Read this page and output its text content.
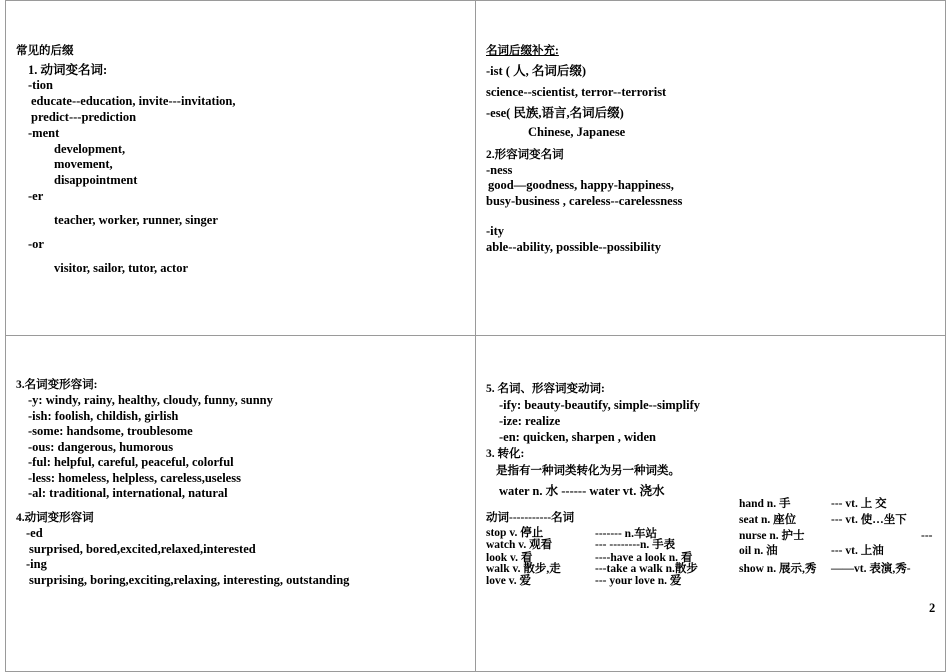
常见的后缀
1. 动词变名词:
-tion
educate--education, invite---invitation,
predict---prediction
-ment
development,
movement,
disappointment
-er
teacher, worker, runner, singer
-or
visitor, sailor, tutor, actor
名词后缀补充:
-ist ( 人, 名词后缀)
science--scientist, terror--terrorist
-ese( 民族,语言,名词后缀)
Chinese, Japanese
2.形容词变名词
-ness
good—goodness, happy-happiness,
busy-business , careless--carelessness
-ity
able--ability, possible--possibility
3.名词变形容词:
-y: windy, rainy, healthy, cloudy, funny, sunny
-ish: foolish, childish, girlish
-some: handsome, troublesome
-ous: dangerous, humorous
-ful: helpful, careful, peaceful, colorful
-less: homeless, helpless, careless,useless
-al: traditional, international, natural
4.动词变形容词
-ed
surprised, bored,excited,relaxed,interested
-ing
surprising, boring,exciting,relaxing, interesting, outstanding
5. 名词、形容词变动词:
-ify: beauty-beautify, simple--simplify
-ize: realize
-en: quicken, sharpen , widen
3. 转化:
是指有一种词类转化为另一种词类。
water n. 水 ------ water vt. 浇水
动词-----------名词
stop v. 停止
watch v. 观看
look v. 看
walk v. 散步,走
love v. 爱
------- n.车站
--- --------n. 手表
----have a look n. 看
---take a walk n.散步
--- your love n. 爱
hand n. 手
seat n. 座位
nurse n. 护士
oil n. 油
show n. 展示,秀
--- vt. 上 交
--- vt. 使…坐下
---
--- vt. 上油
——vt. 表演,秀-
2
